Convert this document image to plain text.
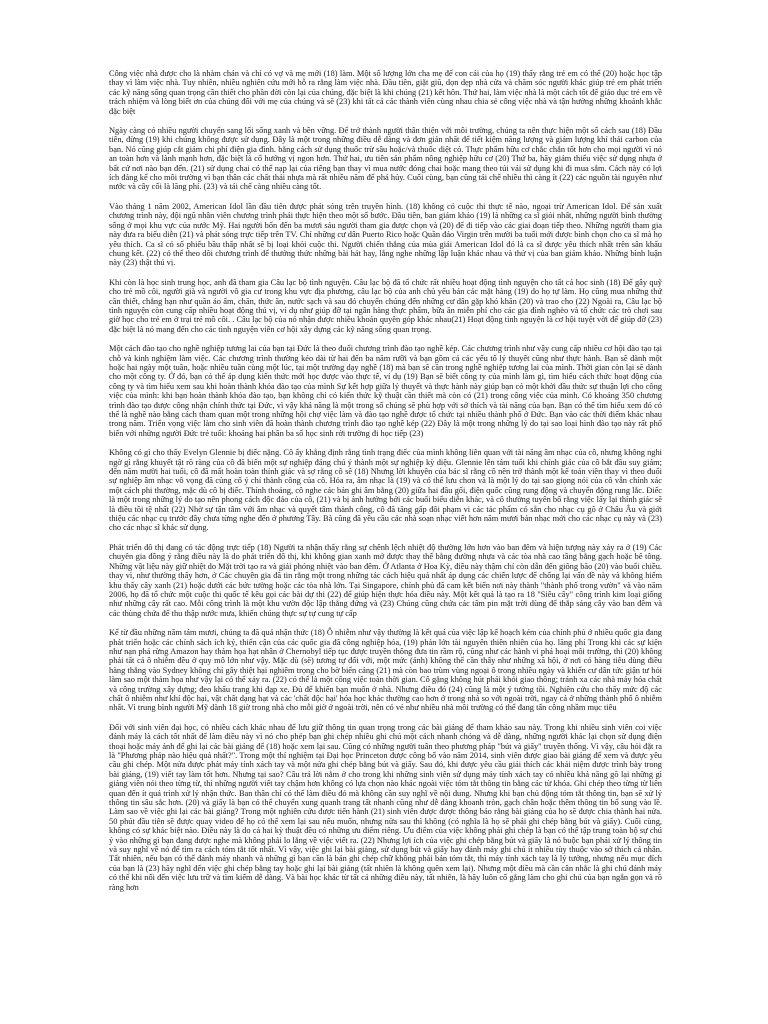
Công việc nhà được cho là nhàm chán và chỉ có vợ và mẹ mới (18) làm. Một số lượng lớn cha mẹ để con cái của họ (19) thấy rằng trẻ em có thể (20) hoặc học tập thay vì làm việc nhà. Tuy nhiên, nhiều nghiên cứu mới hỗ ra rằng làm việc nhà. Đầu tiên, giặt giũ, dọn dẹp nhà cửa và chăm sóc người khác giúp trẻ em phát triển các kỹ năng sống quan trọng cần thiết cho phần đời còn lại của chúng, đặc biệt là khi chúng (21) kết hôn. Thứ hai, làm việc nhà là một cách tốt để giáo dục trẻ em về trách nhiệm và lòng biết ơn của chúng đối với mẹ của chúng và sẽ (23) khi tất cả các thành viên cùng nhau chia sẻ công việc nhà và tận hưởng những khoảnh khắc đặc biệt

Ngày càng có nhiều người chuyển sang lối sống xanh và bền vững. Để trở thành người thân thiện với môi trường, chúng ta nên thực hiện một số cách sau (18) Đầu tiên, đừng (19) khi chúng không được sử dụng. Đây là một trong những điều dễ dàng và đơn giản nhất để tiết kiệm năng lượng và giảm lượng khí thải carbon của bạn. Nó cũng giúp cắt giảm chi phí điện gia đình. bằng cách sử dụng thuốc trừ sâu hoặc/và thuốc diệt cỏ. Thực phẩm hữu cơ chắc chắn tốt hơn cho mọi người vì nó an toàn hơn và lành mạnh hơn, đặc biệt là cổ hướng vị ngon hơn. Thứ hai, ưu tiên sản phẩm nông nghiệp hữu cơ (20) Thứ ba, hãy giảm thiểu việc sử dụng nhựa ở bất cứ nơi nào bạn đến. (21) sử dụng chai có thể nạp lại của riêng bạn thay vì mua nước đóng chai hoặc mang theo túi vải sử dụng khi đi mua sắm. Cách này có lợi ích đảng kể cho môi trường vì bạn thân các chất thải nhựa mà rất nhiều năm để phá hủy. Cuối cùng, bạn cũng tái chế nhiều thì càng ít (22) các nguồn tài nguyên như nước và cây cối là lãng phí. (23) và tái chế càng nhiều càng tốt.

Vào tháng 1 năm 2002, American Idol lần đầu tiên được phát sóng trên truyền hình. (18) không có cuộc thi thực tế nào, ngoại trừ American Idol. Để sản xuất chương trình này, đội ngũ nhân viên chương trình phải thực hiện theo một số bước. Đầu tiên, ban giám khảo (19) là những ca sĩ giỏi nhất, những người bình thường sống ở mọi khu vực của nước Mỹ. Hai người bốn đến ba mươi sáu người tham gia được chọn và (20) để đi tiếp vào các giai đoạn tiếp theo. Những người tham gia này đưa ra biểu diễn (21) và phát sóng trực tiếp trên TV. Chỉ những cư dân Puerto Rico hoặc Quần đảo Virgin trên mười ba tuổi mới được bình chọn cho ca sĩ mà họ yêu thích. Ca sĩ có số phiếu bầu thấp nhất sẽ bị loại khỏi cuộc thi. Người chiến thắng của mùa giải American Idol đó là ca sĩ được yêu thích nhất trên sân khấu chung kết. (22) có thể theo dõi chương trình để thưởng thức những bài hát hay, lắng nghe những lập luận khác nhau và thử vị của ban giám khảo. Những bình luận này (23) thật thú vị.

Khi còn là học sinh trung học, anh đã tham gia Câu lạc bộ tình nguyện. Câu lạc bộ đã tổ chức rất nhiều hoạt động tình nguyện cho tất cả học sinh (18) Để gây quỹ cho trẻ mồ côi, người già và người vô gia cư trong khu vực địa phương, câu lạc bộ của anh chủ yếu bán các mặt hàng (19) do họ tự làm. Họ cũng mua những thứ cần thiết, chẳng hạn như quần áo ấm, chăn, thức ăn, nước sạch và sau đó chuyển chúng đến những cư dân gặp khó khăn (20) và trao cho (22) Ngoài ra, Câu lạc bộ tình nguyện còn cung cấp nhiều hoạt động thú vị, ví dụ như giúp đỡ tại ngân hàng thực phẩm, bữa ăn miễn phí cho các gia đình nghèo và tổ chức các trò chơi sau giờ học cho trẻ em ở trại trẻ mồ côi. . Câu lạc bộ của nó nhận được nhiều khoản quyên góp khác nhau(21) Hoạt động tình nguyện là cơ hội tuyệt vời để giúp đỡ (23) đặc biệt là nó mang đến cho các tình nguyện viên cơ hội xây dựng các kỹ năng sống quan trọng.

Một cách đào tạo cho nghề nghiệp tương lai của bạn tại Đức là theo đuổi chương trình đào tạo nghề kép. Các chương trình như vậy cung cấp nhiều cơ hội đào tạo tại chỗ và kinh nghiệm làm việc. Các chương trình thường kéo dài từ hai đến ba năm rưỡi và bạn gồm cả các yếu tố lý thuyết cũng như thực hành. Bạn sẽ dành một hoặc hai ngày một tuần, hoặc nhiều tuần cùng một lúc, tại một trường dạy nghề (18) mà bạn sẽ cần trong nghề nghiệp tương lai của mình. Thời gian còn lại sẽ dành cho một công ty. Ở đó, bạn có thể áp dụng kiến thức mới học được vào thực tế, ví dụ (19) Bạn sẽ biết công ty của mình làm gì, tìm hiểu cách thức hoạt động của công ty và tìm hiểu xem sau khi hoàn thành khóa đào tạo của mình Sự kết hợp giữa lý thuyết và thực hành này giúp bạn có một khởi đầu thức sự thuận lợi cho công việc của mình: khi bạn hoàn thành khóa đào tạo, bạn không chỉ có kiến thức kỹ thuật cần thiết mà còn có (21) trong công việc của mình. Có khoảng 350 chương trình đào tạo được công nhận chính thức tại Đức, vì vậy khả năng là một trong số chúng sẽ phù hợp với sở thích và tài năng của bạn. Bạn có thể tìm hiểu xem đó có thể là nghề nào bằng cách tham quan một trong những hội chợ việc làm và đào tạo nghề được tổ chức tại nhiều thành phố ở Đức. Bạn vào các thời điểm khác nhau trong năm. Triển vọng việc làm cho sinh viên đã hoàn thành chương trình đào tạo nghề kép (22) Đây là một trong những lý do tại sao loại hình đào tạo này rất phổ biến với những người Đức trẻ tuổi: khoảng hai phần ba số học sinh rời trường đi học tiếp (23)

Không có gì cho thấy Evelyn Glennie bị điếc nặng. Cô ấy khẳng định rằng tình trạng điếc của mình không liên quan với tài năng âm nhạc của cô, nhưng không nghi ngờ gì rằng khuyết tật rõ ràng của cô đã biến một sự nghiệp đáng chú ý thành một sự nghiệp kỳ diệu. Glennie lên tám tuổi khi chính giác của cô bắt đầu suy giảm; đến năm mười hai tuổi, cô đã mất hoàn toàn thính giác và sợ rằng cô sẽ (18) Nhưng lời khuyên của bác sĩ rằng cô nên trở thành một kế toán viên thay vì theo đuổi sự nghiệp âm nhạc vô vọng đã củng cố ý chí thành công của cô. Hóa ra, âm nhạc là (19) và có thể lưu chon và là một lý do tại sao giọng nói của cô vẫn chính xác một cách phi thường, mặc dù cô bị điếc. Thính thoảng, cô nghe các bản ghi âm bằng (20) giữa hai đầu gối, điện quốc cũng rung động và chuyển động rung lắc. Điếc là một trong những lý do tạo nên phong cách độc đáo của cô, (21) và bị ảnh hưởng bởi các buổi biểu diễn khác, và cô thường tuyên bố rằng việc lấy lại thính giác sẽ là điều tồi tệ nhất (22) Nhờ sự tận tâm với âm nhạc và quyết tâm thành công, cô đã tăng gấp đôi phạm vi các tác phẩm có sẵn cho nhạc cụ gõ ở Châu Âu và giới thiệu các nhạc cụ trước đây chưa từng nghe đến ở phương Tây. Bà cũng đã yêu cầu các nhà soạn nhạc viết hơn năm mươi bản nhạc mới cho các nhạc cụ này và (23) cho các nhạc sĩ khác sử dụng.

Phát triển đô thị đang có tác động trực tiếp (18) Người ta nhận thấy rằng sự chênh lệch nhiệt độ thường lớn hơn vào ban đêm và hiện tượng này xảy ra ở (19) Các chuyên gia đồng ý rằng điều này là do phát triển đô thị, khi không gian xanh mở được thay thế bằng đường nhựa và các tòa nhà cao tầng bằng gạch hoặc bê tông. Những vật liệu này giữ nhiệt do Mặt trời tạo ra và giải phóng nhiệt vào ban đêm. Ở Atlanta ở Hoa Kỳ, điều này thậm chí còn dẫn đến giông bão (20) vào buổi chiều. thay vì, như thường thấy hơn, ở Các chuyên gia đã tin rằng một trong những tác cách hiệu quả nhất áp dụng các chiến lược để chống lại vấn đề này và không hiếm khu thấy cây xanh (21) hoặc dưới các bức tường hoặc các tòa nhà lớn. Tại Singapore, chính phủ đã cam kết biến nơi này thành "thành phố trong vườn" và vào năm 2006, họ đã tổ chức một cuộc thi quốc tế kêu gọi các bài dự thi (22) để giúp hiện thực hóa điều này. Một kết quả là tạo ra 18 "Siêu cây" công trình kim loại giống như những cây rất cao. Mỗi công trình là một khu vườn độc lập thẳng đứng và (23) Chúng cũng chứa các tấm pin mặt trời dùng để thắp sáng cây vào ban đêm và các thùng chứa để thu thập nước mưa, khiến chúng thực sự tự cung tự cấp

Kể từ đầu những năm tám mươi, chúng ta đã quá nhận thức (18) Ô nhiễm như vậy thường là kết quả của việc lập kế hoạch kém của chính phủ ở nhiều quốc gia đang phát triển hoặc các chính sách ích kỷ, thiển cận của các quốc gia đã công nghiệp hóa, (19) phản lớn tài nguyên thiên nhiên của họ. lãng phí Trong khi các sự kiện như nạn phá rừng Amazon hay thảm họa hạt nhân ở Chernobyl tiếp tục được truyền thông đưa tin rầm rộ, cũng như các hành vi phá hoại môi trường, thì (20) không phải tất cả ô nhiễm đều ở quy mô lớn như vậy. Mặc dù (sẽ) tương tự đối với, một mức (ánh) không thể cần thấy như những xã hội, ở nơi có hàng tiêu dùng điều hàng thắng vào Sydney không chỉ gây thiệt hại nghiêm trọng cho bờ biển cảng (21) mà còn bao trùm vùng ngoại ô trong nhiều ngày và khiến cư dân tức giận tư hỏi làm sao một thảm họa như vậy lại có thể xảy ra. (22) có thể là một công việc toàn thời gian. Cô gặng không hút phải khói giao thông; tránh xa các nhà máy hóa chất và công trường xây dựng; đeo khẩu trang khi đạp xe. Đủ để khiến bạn muốn ở nhà. Nhưng điều đó (24) cũng là một ý tưởng tồi. Nghiên cứu cho thấy mức độ các chất ô nhiễm như khí độc hại, vật chất dạng hạt và các 'chất độc hại' hóa học khác thường cao hơn ở trong nhà so với ngoài trời, ngay cả ở những thành phố ô nhiễm nhất. Vì trung bình người Mỹ dành 18 giờ trong nhà cho mỗi giờ ở ngoài trời, nên có vẻ như nhiều nhà môi trường có thể đang tấn công nhầm mục tiêu

Đối với sinh viên đại học, có nhiều cách khác nhau để lưu giữ thông tin quan trọng trong các bài giảng để tham khảo sau này. Trong khi nhiều sinh viên coi việc đánh máy là cách tốt nhất để làm điều này vì nó cho phép bạn ghi chép nhiều ghi chú một cách nhanh chóng và dễ dàng, những người khác lại chọn sử dụng điện thoại hoặc máy ảnh để ghi lại các bài giảng để (18) hoặc xem lại sau. Cũng có những người tuân theo phương pháp "bút và giấy" truyền thống. Vì vậy, câu hỏi đặt ra là "Phương pháp nào hiệu quả nhất?". Trong một thí nghiệm tại Đại học Princeton được công bố vào năm 2014, sinh viên được giao bài giảng để xem và được yêu cầu ghi chép. Một nửa được phát máy tính xách tay và một nửa ghi chép bằng bút và giấy. Sau đó, khi được yêu cầu giải thích các khái niệm được trình bày trong bài giảng, (19) viết tay làm tốt hơn. Nhưng tại sao? Câu trả lời nằm ở cho trong khi những sinh viên sử dụng máy tính xách tay có nhiều khả năng gõ lại những gì giảng viên nói theo từng từ, thì những người viết tay chậm hơn không có lựa chọn nào khác ngoài việc tóm tắt thông tin bằng các từ khóa. Ghi chép theo từng từ liên quan đến ít quá trình xử lý nhận thức. Ban thân chỉ có thể làm điều đó mà không cần suy nghĩ về nội dung. Nhưng khi bạn chủ động tóm tắt thông tin, bạn sẽ xử lý thông tin sâu sắc hơn. (20) và giấy là bạn có thể chuyển xung quanh trang tất nhanh cũng như dễ dàng khoanh tròn, gạch chân hoặc thêm thông tin bổ sung vào lề. Làm sao về việc ghi lại các bài giảng? Trong một nghiên cứu được tiến hành (21) sinh viên được được thông báo rằng bài giảng của họ sẽ được chia thành hai nửa. 50 phút đầu tiên sẽ được quay video để họ có thể xem lại sau nếu muốn, nhưng nửa sau thì không (có nghĩa là họ sẽ phải ghi chép bằng bút và giấy). Cuối cùng, không có sự khác biệt nào. Điều này là do cả hai kỳ thuật đều có những ưu điểm riêng. Ưu điểm của việc không phải ghi chép là bạn có thể tập trung toàn bộ sự chú ý vào những gì bạn đang được nghe mà không phải lo lắng về việc viết ra. (22) Nhưng lợi ích của việc ghi chép bằng bút và giấy là nó buộc bạn phải xử lý thông tin và suy nghĩ về nó để tìm ra cách tóm tắt tốt nhất. Vì vậy, việc ghi lại bài giảng, sử dụng bút và giấy hay đánh máy ghi chú ít nhiều tùy thuộc vào sở thích cá nhân. Tất nhiên, nếu bạn có thể đánh máy nhanh và những gì bạn cần là bản ghi chép chữ không phải bản tóm tắt, thì máy tính xách tay là lý tưởng, nhưng nếu mục đích của bạn là (23) hãy nghĩ đến việc ghi chép bằng tay hoặc ghi lại bài giảng (tất nhiên là không quên xem lại). Nhưng một điều mà cần cân nhắc là ghi chú đánh máy có thể khi nối đến việc lưu trữ và tìm kiếm dễ dàng. Và bài học khác từ tất cả những điều này, tất nhiên, là hãy luôn cố gắng làm cho ghi chú của bạn ngắn gọn và rõ ràng hơn
